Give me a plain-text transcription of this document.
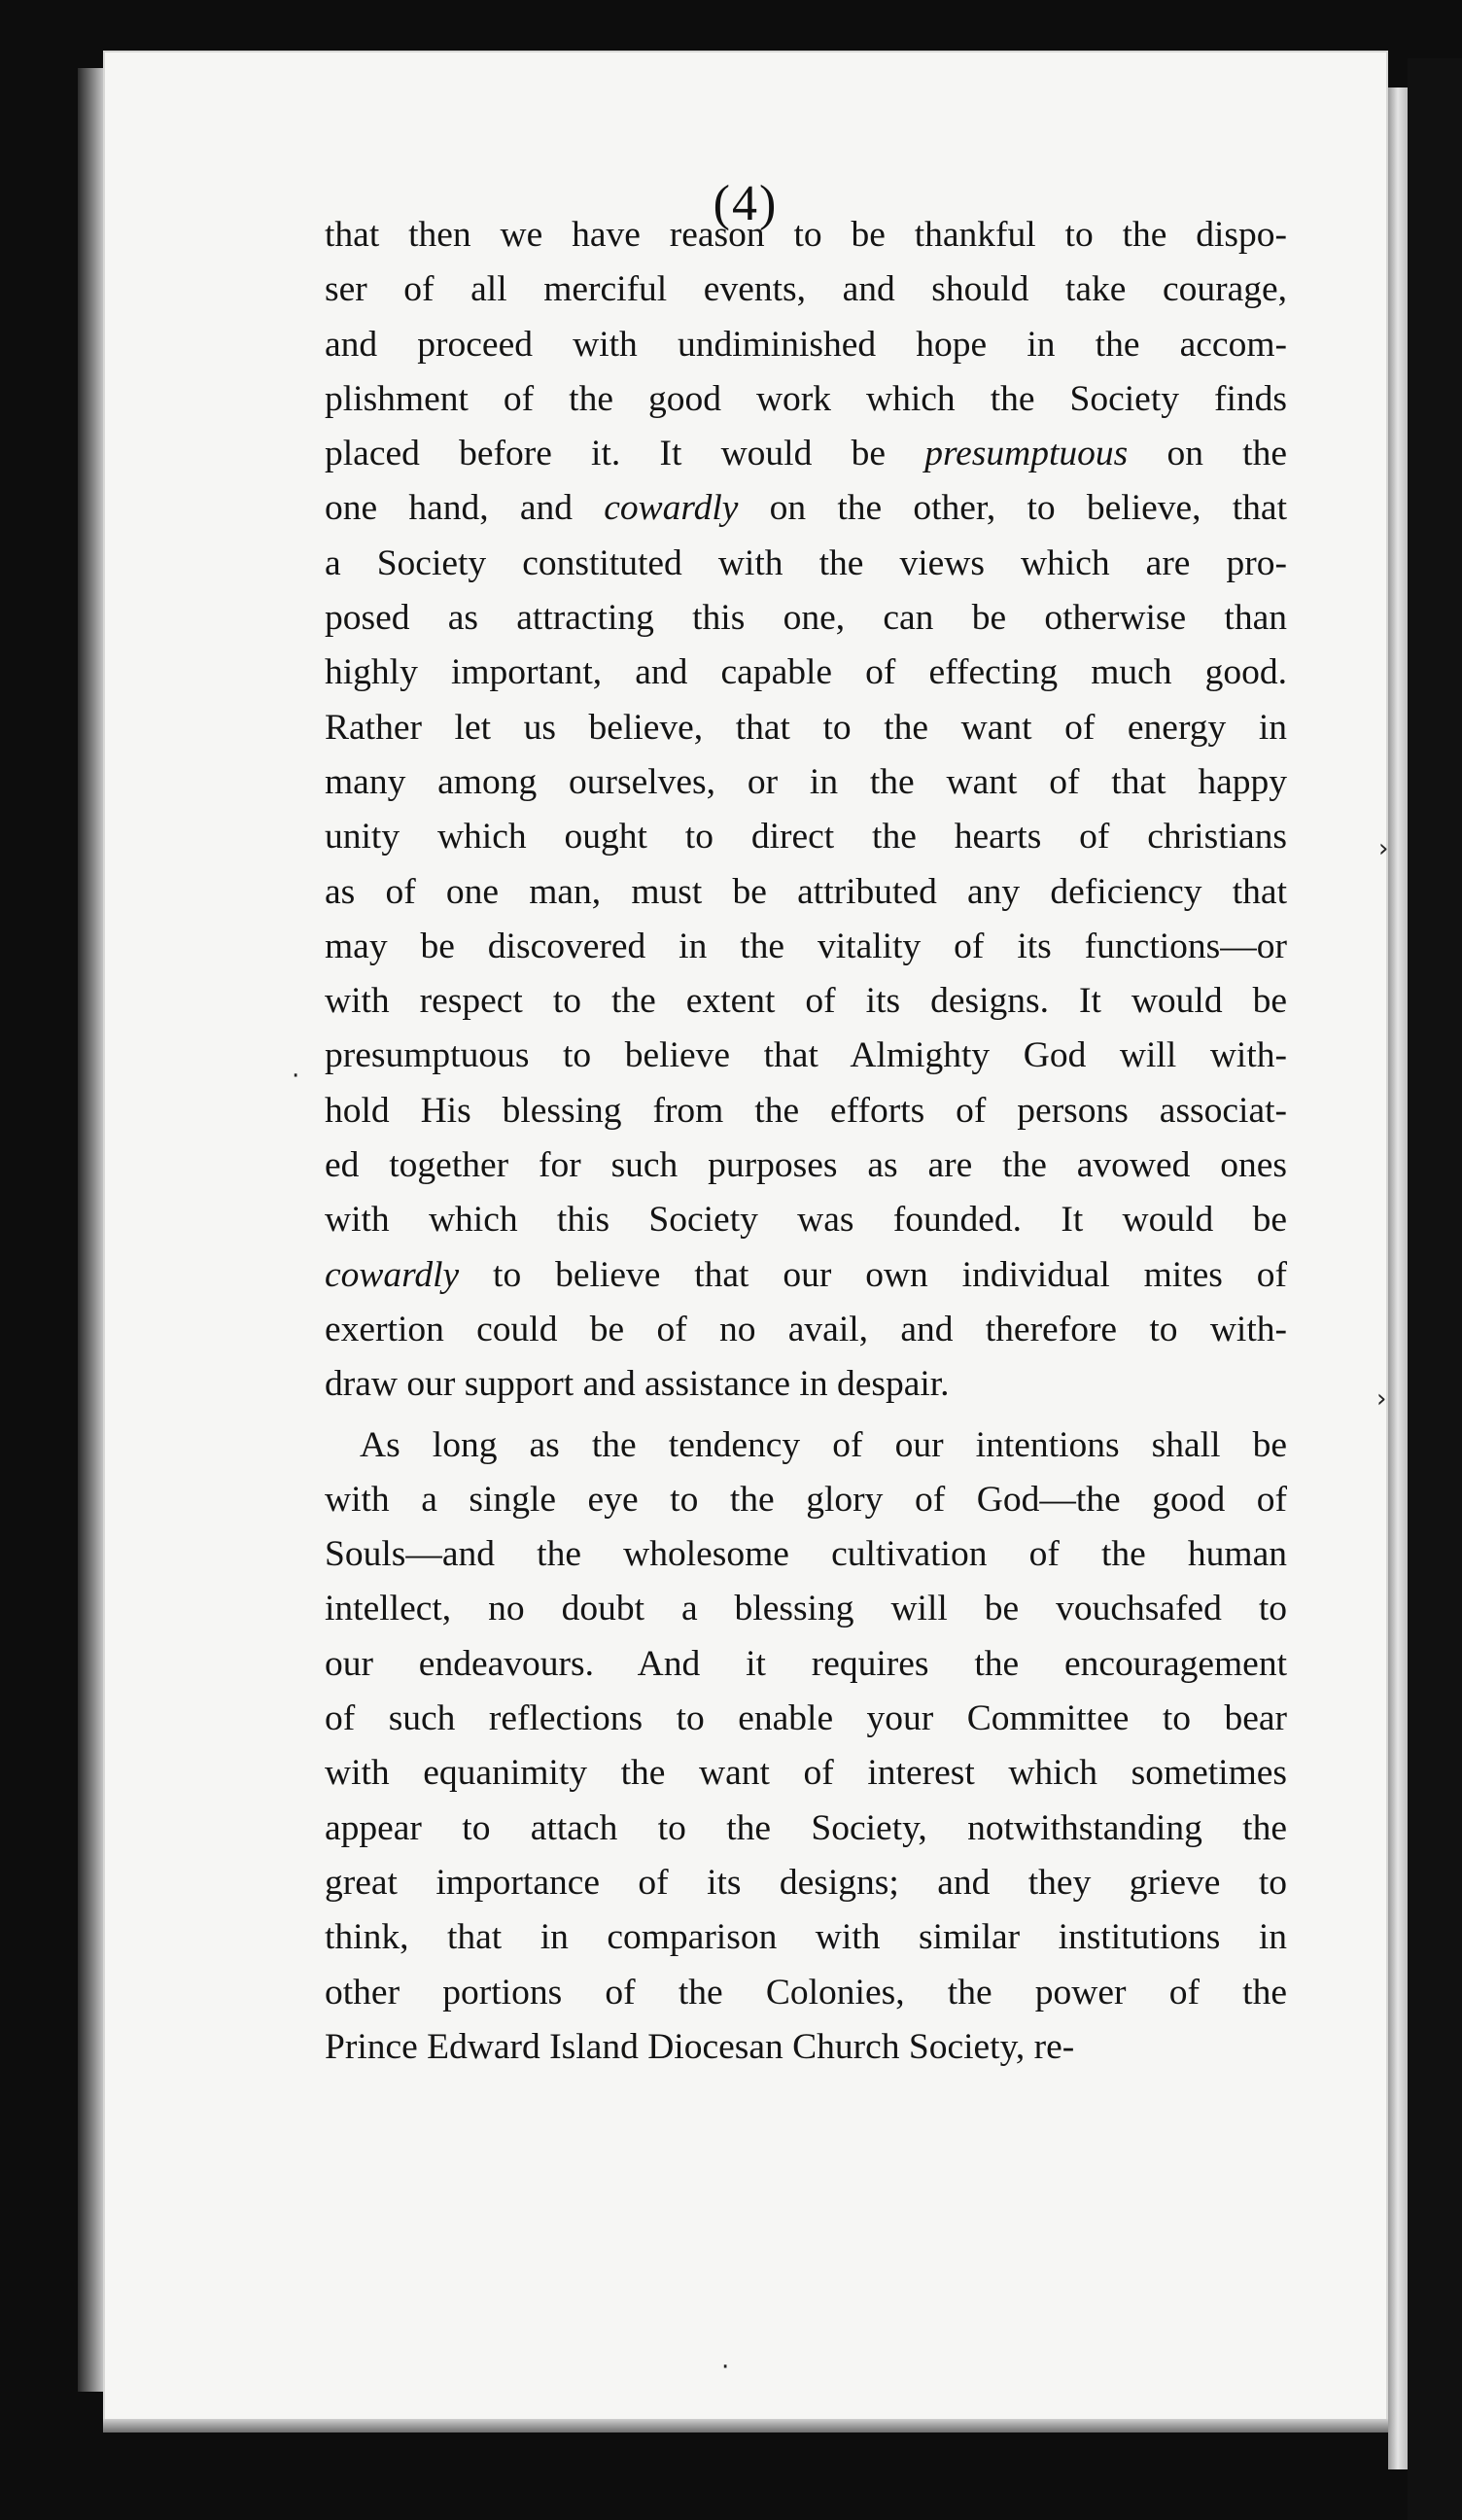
(4)
that then we have reason to be thankful to the dispo-
ser of all merciful events, and should take courage,
and proceed with undiminished hope in the accom-
plishment of the good work which the Society finds
placed before it. It would be presumptuous on the
one hand, and cowardly on the other, to believe, that
a Society constituted with the views which are pro-
posed as attracting this one, can be otherwise than
highly important, and capable of effecting much good.
Rather let us believe, that to the want of energy in
many among ourselves, or in the want of that happy
unity which ought to direct the hearts of christians
as of one man, must be attributed any deficiency that
may be discovered in the vitality of its functions—or
with respect to the extent of its designs. It would be
presumptuous to believe that Almighty God will with-
hold His blessing from the efforts of persons associat-
ed together for such purposes as are the avowed ones
with which this Society was founded. It would be
cowardly to believe that our own individual mites of
exertion could be of no avail, and therefore to with-
draw our support and assistance in despair.
As long as the tendency of our intentions shall be
with a single eye to the glory of God—the good of
Souls—and the wholesome cultivation of the human
intellect, no doubt a blessing will be vouchsafed to
our endeavours. And it requires the encouragement
of such reflections to enable your Committee to bear
with equanimity the want of interest which sometimes
appear to attach to the Society, notwithstanding the
great importance of its designs; and they grieve to
think, that in comparison with similar institutions in
other portions of the Colonies, the power of the
Prince Edward Island Diocesan Church Society, re-
·
›
›
·
